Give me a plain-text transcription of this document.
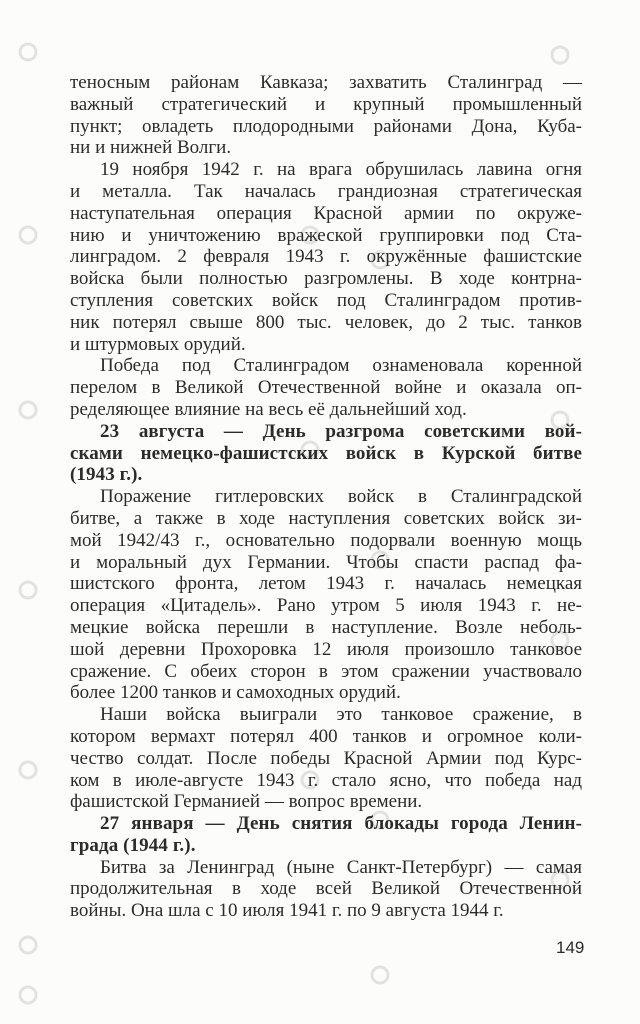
теносным районам Кавказа; захватить Сталинград —
важный стратегический и крупный промышленный
пункт; овладеть плодородными районами Дона, Куба-
ни и нижней Волги.
19 ноября 1942 г. на врага обрушилась лавина огня
и металла. Так началась грандиозная стратегическая
наступательная операция Красной армии по окруже-
нию и уничтожению вражеской группировки под Ста-
линградом. 2 февраля 1943 г. окружённые фашистские
войска были полностью разгромлены. В ходе контрна-
ступления советских войск под Сталинградом против-
ник потерял свыше 800 тыс. человек, до 2 тыс. танков
и штурмовых орудий.
Победа под Сталинградом ознаменовала коренной
перелом в Великой Отечественной войне и оказала оп-
ределяющее влияние на весь её дальнейший ход.
23 августа — День разгрома советскими вой-
сками немецко-фашистских войск в Курской битве
(1943 г.).
Поражение гитлеровских войск в Сталинградской
битве, а также в ходе наступления советских войск зи-
мой 1942/43 г., основательно подорвали военную мощь
и моральный дух Германии. Чтобы спасти распад фа-
шистского фронта, летом 1943 г. началась немецкая
операция «Цитадель». Рано утром 5 июля 1943 г. не-
мецкие войска перешли в наступление. Возле неболь-
шой деревни Прохоровка 12 июля произошло танковое
сражение. С обеих сторон в этом сражении участвовало
более 1200 танков и самоходных орудий.
Наши войска выиграли это танковое сражение, в
котором вермахт потерял 400 танков и огромное коли-
чество солдат. После победы Красной Армии под Курс-
ком в июле-августе 1943 г. стало ясно, что победа над
фашистской Германией — вопрос времени.
27 января — День снятия блокады города Ленин-
града (1944 г.).
Битва за Ленинград (ныне Санкт-Петербург) — самая
продолжительная в ходе всей Великой Отечественной
войны. Она шла с 10 июля 1941 г. по 9 августа 1944 г.
149
